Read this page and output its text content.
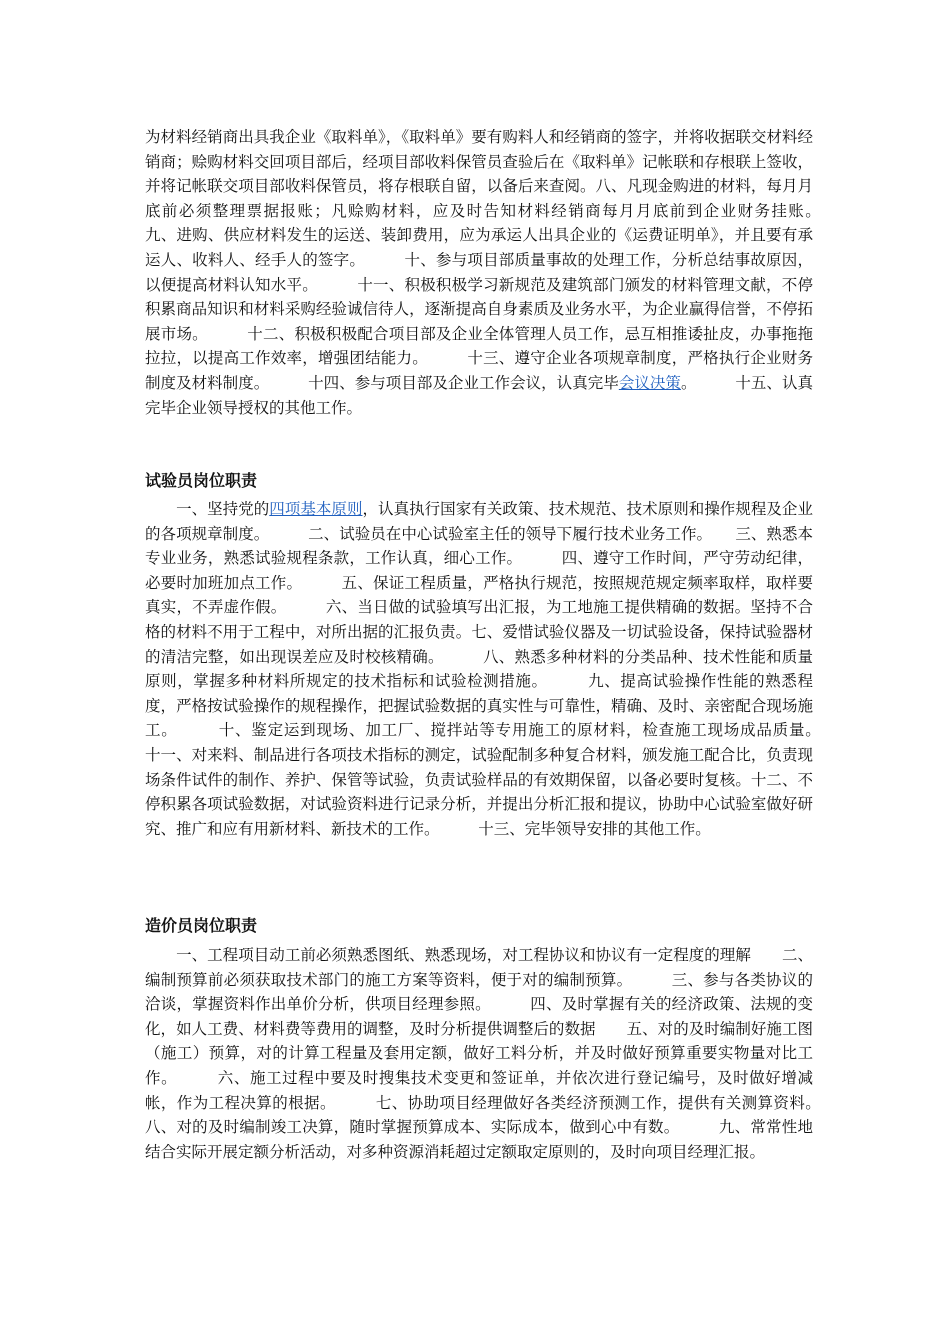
为材料经销商出具我企业《取料单》，《取料单》要有购料人和经销商的签字，并将收据联交材料经销商；赊购材料交回项目部后，经项目部收料保管员查验后在《取料单》记帐联和存根联上签收，并将记帐联交项目部收料保管员，将存根联自留，以备后来查阅。八、凡现金购进的材料，每月月底前必须整理票据报账；凡赊购材料，应及时告知材料经销商每月月底前到企业财务挂账。　　　九、进购、供应材料发生的运送、装卸费用，应为承运人出具企业的《运费证明单》，并且要有承运人、收料人、经手人的签字。　　　十、参与项目部质量事故的处理工作，分析总结事故原因，以便提高材料认知水平。　　　十一、积极积极学习新规范及建筑部门颁发的材料管理文献，不停积累商品知识和材料采购经验诚信待人，逐渐提高自身素质及业务水平，为企业赢得信誉，不停拓展市场。　　　十二、积极积极配合项目部及企业全体管理人员工作，忌互相推诿扯皮，办事拖拖拉拉，以提高工作效率，增强团结能力。　　　十三、遵守企业各项规章制度，严格执行企业财务制度及材料制度。　　　十四、参与项目部及企业工作会议，认真完毕会议决策。　　　十五、认真完毕企业领导授权的其他工作。

试验员岗位职责

　　一、坚持党的四项基本原则，认真执行国家有关政策、技术规范、技术原则和操作规程及企业的各项规章制度。　　　二、试验员在中心试验室主任的领导下履行技术业务工作。　　三、熟悉本专业业务，熟悉试验规程条款，工作认真，细心工作。　　　四、遵守工作时间，严守劳动纪律，必要时加班加点工作。　　　五、保证工程质量，严格执行规范，按照规范规定频率取样，取样要真实，不弄虚作假。　　　六、当日做的试验填写出汇报，为工地施工提供精确的数据。坚持不合格的材料不用于工程中，对所出据的汇报负责。七、爱惜试验仪器及一切试验设备，保持试验器材的清洁完整，如出现误差应及时校核精确。　　　八、熟悉多种材料的分类品种、技术性能和质量原则，掌握多种材料所规定的技术指标和试验检测措施。　　　九、提高试验操作性能的熟悉程度，严格按试验操作的规程操作，把握试验数据的真实性与可靠性，精确、及时、亲密配合现场施工。　　　十、鉴定运到现场、加工厂、搅拌站等专用施工的原材料，检查施工现场成品质量。　　　十一、对来料、制品进行各项技术指标的测定，试验配制多种复合材料，颁发施工配合比，负责现场条件试件的制作、养护、保管等试验，负责试验样品的有效期保留，以备必要时复核。十二、不停积累各项试验数据，对试验资料进行记录分析，并提出分析汇报和提议，协助中心试验室做好研究、推广和应有用新材料、新技术的工作。　　　十三、完毕领导安排的其他工作。

造价员岗位职责

　　一、工程项目动工前必须熟悉图纸、熟悉现场，对工程协议和协议有一定程度的理解　　二、编制预算前必须获取技术部门的施工方案等资料，便于对的编制预算。　　　三、参与各类协议的洽谈，掌握资料作出单价分析，供项目经理参照。　　　四、及时掌握有关的经济政策、法规的变化，如人工费、材料费等费用的调整，及时分析提供调整后的数据　　五、对的及时编制好施工图（施工）预算，对的计算工程量及套用定额，做好工料分析，并及时做好预算重要实物量对比工作。　　　六、施工过程中要及时搜集技术变更和签证单，并依次进行登记编号，及时做好增减帐，作为工程决算的根据。　　　七、协助项目经理做好各类经济预测工作，提供有关测算资料。　　　八、对的及时编制竣工决算，随时掌握预算成本、实际成本，做到心中有数。　　　九、常常性地结合实际开展定额分析活动，对多种资源消耗超过定额取定原则的，及时向项目经理汇报。
